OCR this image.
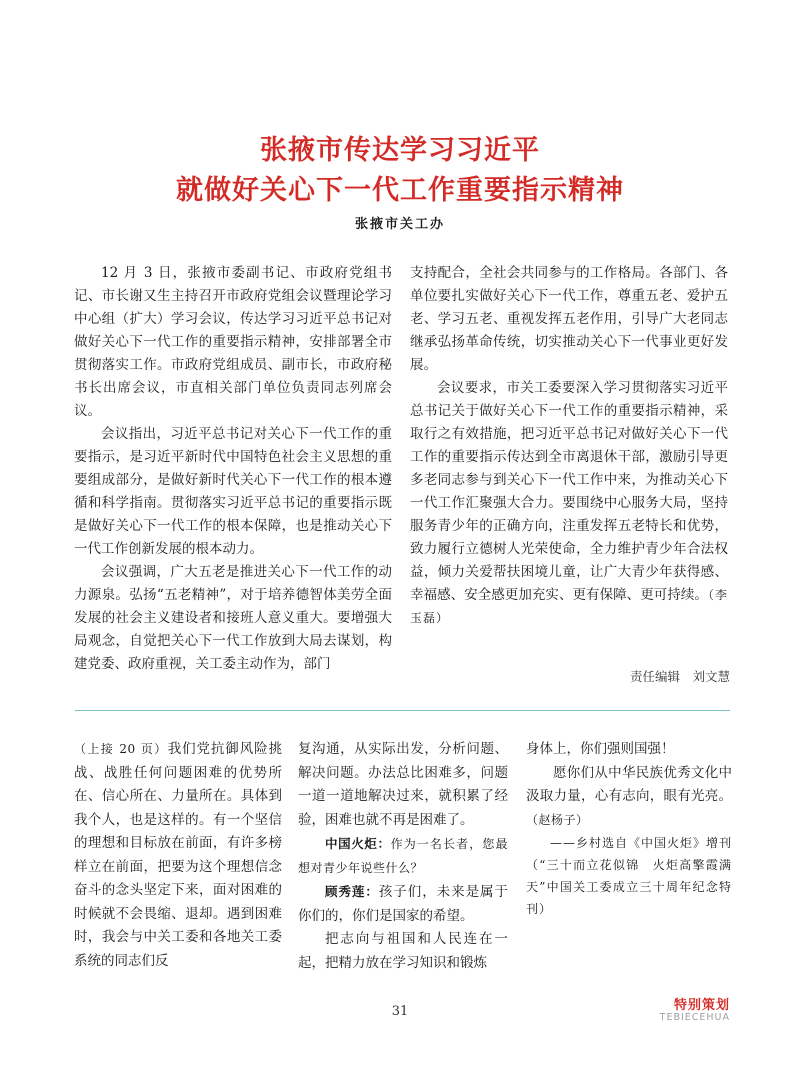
张掖市传达学习习近平
就做好关心下一代工作重要指示精神
张掖市关工办

12 月 3 日，张掖市委副书记、市政府党组书记、市长谢又生主持召开市政府党组会议暨理论学习中心组（扩大）学习会议，传达学习习近平总书记对做好关心下一代工作的重要指示精神，安排部署全市贯彻落实工作。市政府党组成员、副市长，市政府秘书长出席会议，市直相关部门单位负责同志列席会议。

会议指出，习近平总书记对关心下一代工作的重要指示，是习近平新时代中国特色社会主义思想的重要组成部分，是做好新时代关心下一代工作的根本遵循和科学指南。贯彻落实习近平总书记的重要指示既是做好关心下一代工作的根本保障，也是推动关心下一代工作创新发展的根本动力。

会议强调，广大五老是推进关心下一代工作的动力源泉。弘扬“五老精神”，对于培养德智体美劳全面发展的社会主义建设者和接班人意义重大。要增强大局观念，自觉把关心下一代工作放到大局去谋划，构建党委、政府重视，关工委主动作为，部门

支持配合，全社会共同参与的工作格局。各部门、各单位要扎实做好关心下一代工作，尊重五老、爱护五老、学习五老、重视发挥五老作用，引导广大老同志继承弘扬革命传统，切实推动关心下一代事业更好发展。

会议要求，市关工委要深入学习贯彻落实习近平总书记关于做好关心下一代工作的重要指示精神，采取行之有效措施，把习近平总书记对做好关心下一代工作的重要指示传达到全市离退休干部，激励引导更多老同志参与到关心下一代工作中来，为推动关心下一代工作汇聚强大合力。要围绕中心服务大局，坚持服务青少年的正确方向，注重发挥五老特长和优势，致力履行立德树人光荣使命，全力维护青少年合法权益，倾力关爱帮扶困境儿童，让广大青少年获得感、幸福感、安全感更加充实、更有保障、更可持续。（李玉磊）

责任编辑　刘文慧

（上接 20 页）我们党抗御风险挑战、战胜任何问题困难的优势所在、信心所在、力量所在。具体到我个人，也是这样的。有一个坚信的理想和目标放在前面，有许多榜样立在前面，把要为这个理想信念奋斗的念头坚定下来，面对困难的时候就不会畏缩、退却。遇到困难时，我会与中关工委和各地关工委系统的同志们反

复沟通，从实际出发，分析问题、解决问题。办法总比困难多，问题一道一道地解决过来，就积累了经验，困难也就不再是困难了。

中国火炬：作为一名长者，您最想对青少年说些什么？

顾秀莲：孩子们，未来是属于你们的，你们是国家的希望。

把志向与祖国和人民连在一起，把精力放在学习知识和锻炼

身体上，你们强则国强！

愿你们从中华民族优秀文化中汲取力量，心有志向，眼有光亮。（赵杨子）

——乡村选自《中国火炬》增刊（“三十而立花似锦　火炬高擎霞满天”中国关工委成立三十周年纪念特刊）

31	特别策划
TEBIECEHUA
